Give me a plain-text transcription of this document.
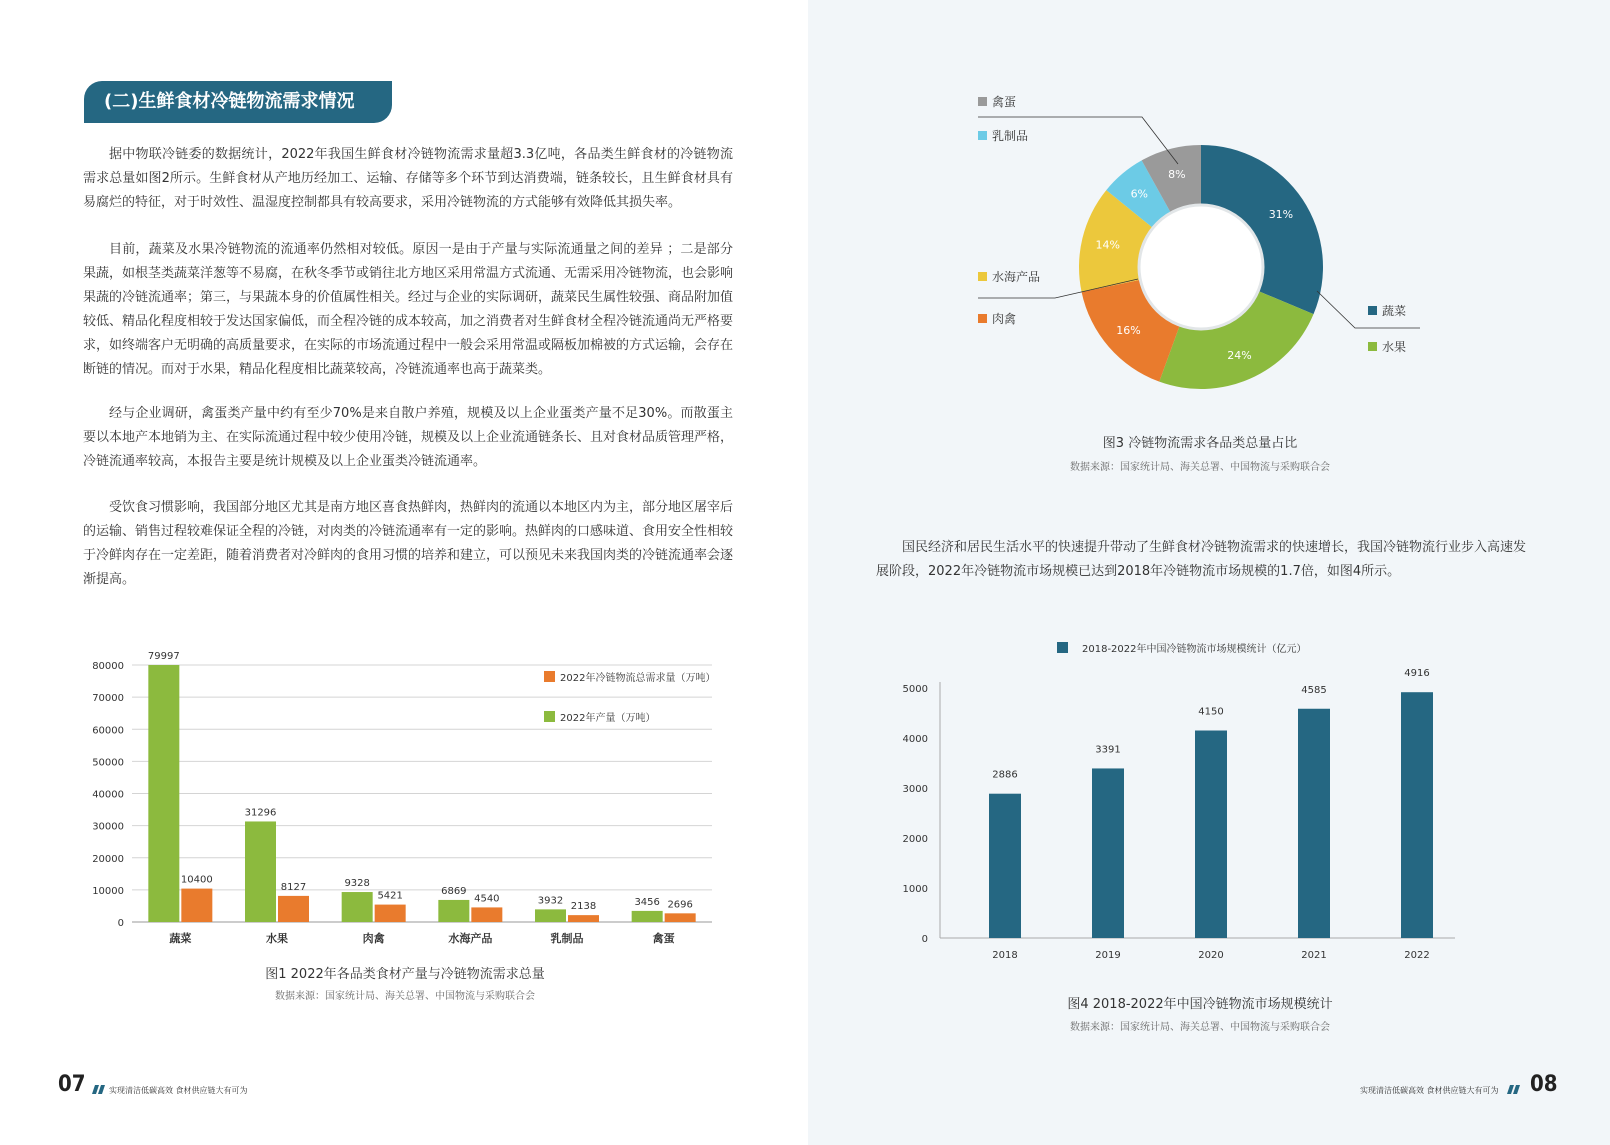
(二)生鲜食材冷链物流需求情况

据中物联冷链委的数据统计，2022年我国生鲜食材冷链物流需求量超3.3亿吨，各品类生鲜食材的冷链物流需求总量如图2所示。生鲜食材从产地历经加工、运输、存储等多个环节到达消费端，链条较长，且生鲜食材具有易腐烂的特征，对于时效性、温湿度控制都具有较高要求，采用冷链物流的方式能够有效降低其损失率。

目前，蔬菜及水果冷链物流的流通率仍然相对较低。原因一是由于产量与实际流通量之间的差异 ；二是部分果蔬，如根茎类蔬菜洋葱等不易腐，在秋冬季节或销往北方地区采用常温方式流通、无需采用冷链物流，也会影响果蔬的冷链流通率；第三，与果蔬本身的价值属性相关。经过与企业的实际调研，蔬菜民生属性较强、商品附加值较低、精品化程度相较于发达国家偏低，而全程冷链的成本较高，加之消费者对生鲜食材全程冷链流通尚无严格要求，如终端客户无明确的高质量要求，在实际的市场流通过程中一般会采用常温或隔板加棉被的方式运输，会存在断链的情况。而对于水果，精品化程度相比蔬菜较高，冷链流通率也高于蔬菜类。

经与企业调研，禽蛋类产量中约有至少70%是来自散户养殖，规模及以上企业蛋类产量不足30%。而散蛋主要以本地产本地销为主、在实际流通过程中较少使用冷链，规模及以上企业流通链条长、且对食材品质管理严格，冷链流通率较高，本报告主要是统计规模及以上企业蛋类冷链流通率。

受饮食习惯影响，我国部分地区尤其是南方地区喜食热鲜肉，热鲜肉的流通以本地区内为主，部分地区屠宰后的运输、销售过程较难保证全程的冷链，对肉类的冷链流通率有一定的影响。热鲜肉的口感味道、食用安全性相较于冷鲜肉存在一定差距，随着消费者对冷鲜肉的食用习惯的培养和建立，可以预见未来我国肉类的冷链流通率会逐渐提高。

0
10000
20000
30000
40000
50000
60000
70000
80000
79997
10400
蔬菜
31296
8127
水果
9328
5421
肉禽
6869
4540
水海产品
3932
2138
乳制品
3456 2696
禽蛋
2022年冷链物流总需求量（万吨）
2022年产量（万吨）
图1 2022年各品类食材产量与冷链物流需求总量
数据来源：国家统计局、海关总署、中国物流与采购联合会
07	实现清洁低碳高效 食材供应链大有可为
31%
24%
16%
14%
6%
8%
禽蛋
乳制品
水海产品
肉禽
蔬菜
水果
图3 冷链物流需求各品类总量占比
数据来源：国家统计局、海关总署、中国物流与采购联合会

国民经济和居民生活水平的快速提升带动了生鲜食材冷链物流需求的快速增长，我国冷链物流行业步入高速发展阶段，2022年冷链物流市场规模已达到2018年冷链物流市场规模的1.7倍，如图4所示。

0
1000
2000
3000
4000
5000
2886
2018
3391
2019
4150
2020
4585
2021
4916
2022
2018-2022年中国冷链物流市场规模统计（亿元）
图4 2018-2022年中国冷链物流市场规模统计
数据来源：国家统计局、海关总署、中国物流与采购联合会
实现清洁低碳高效 食材供应链大有可为 08
